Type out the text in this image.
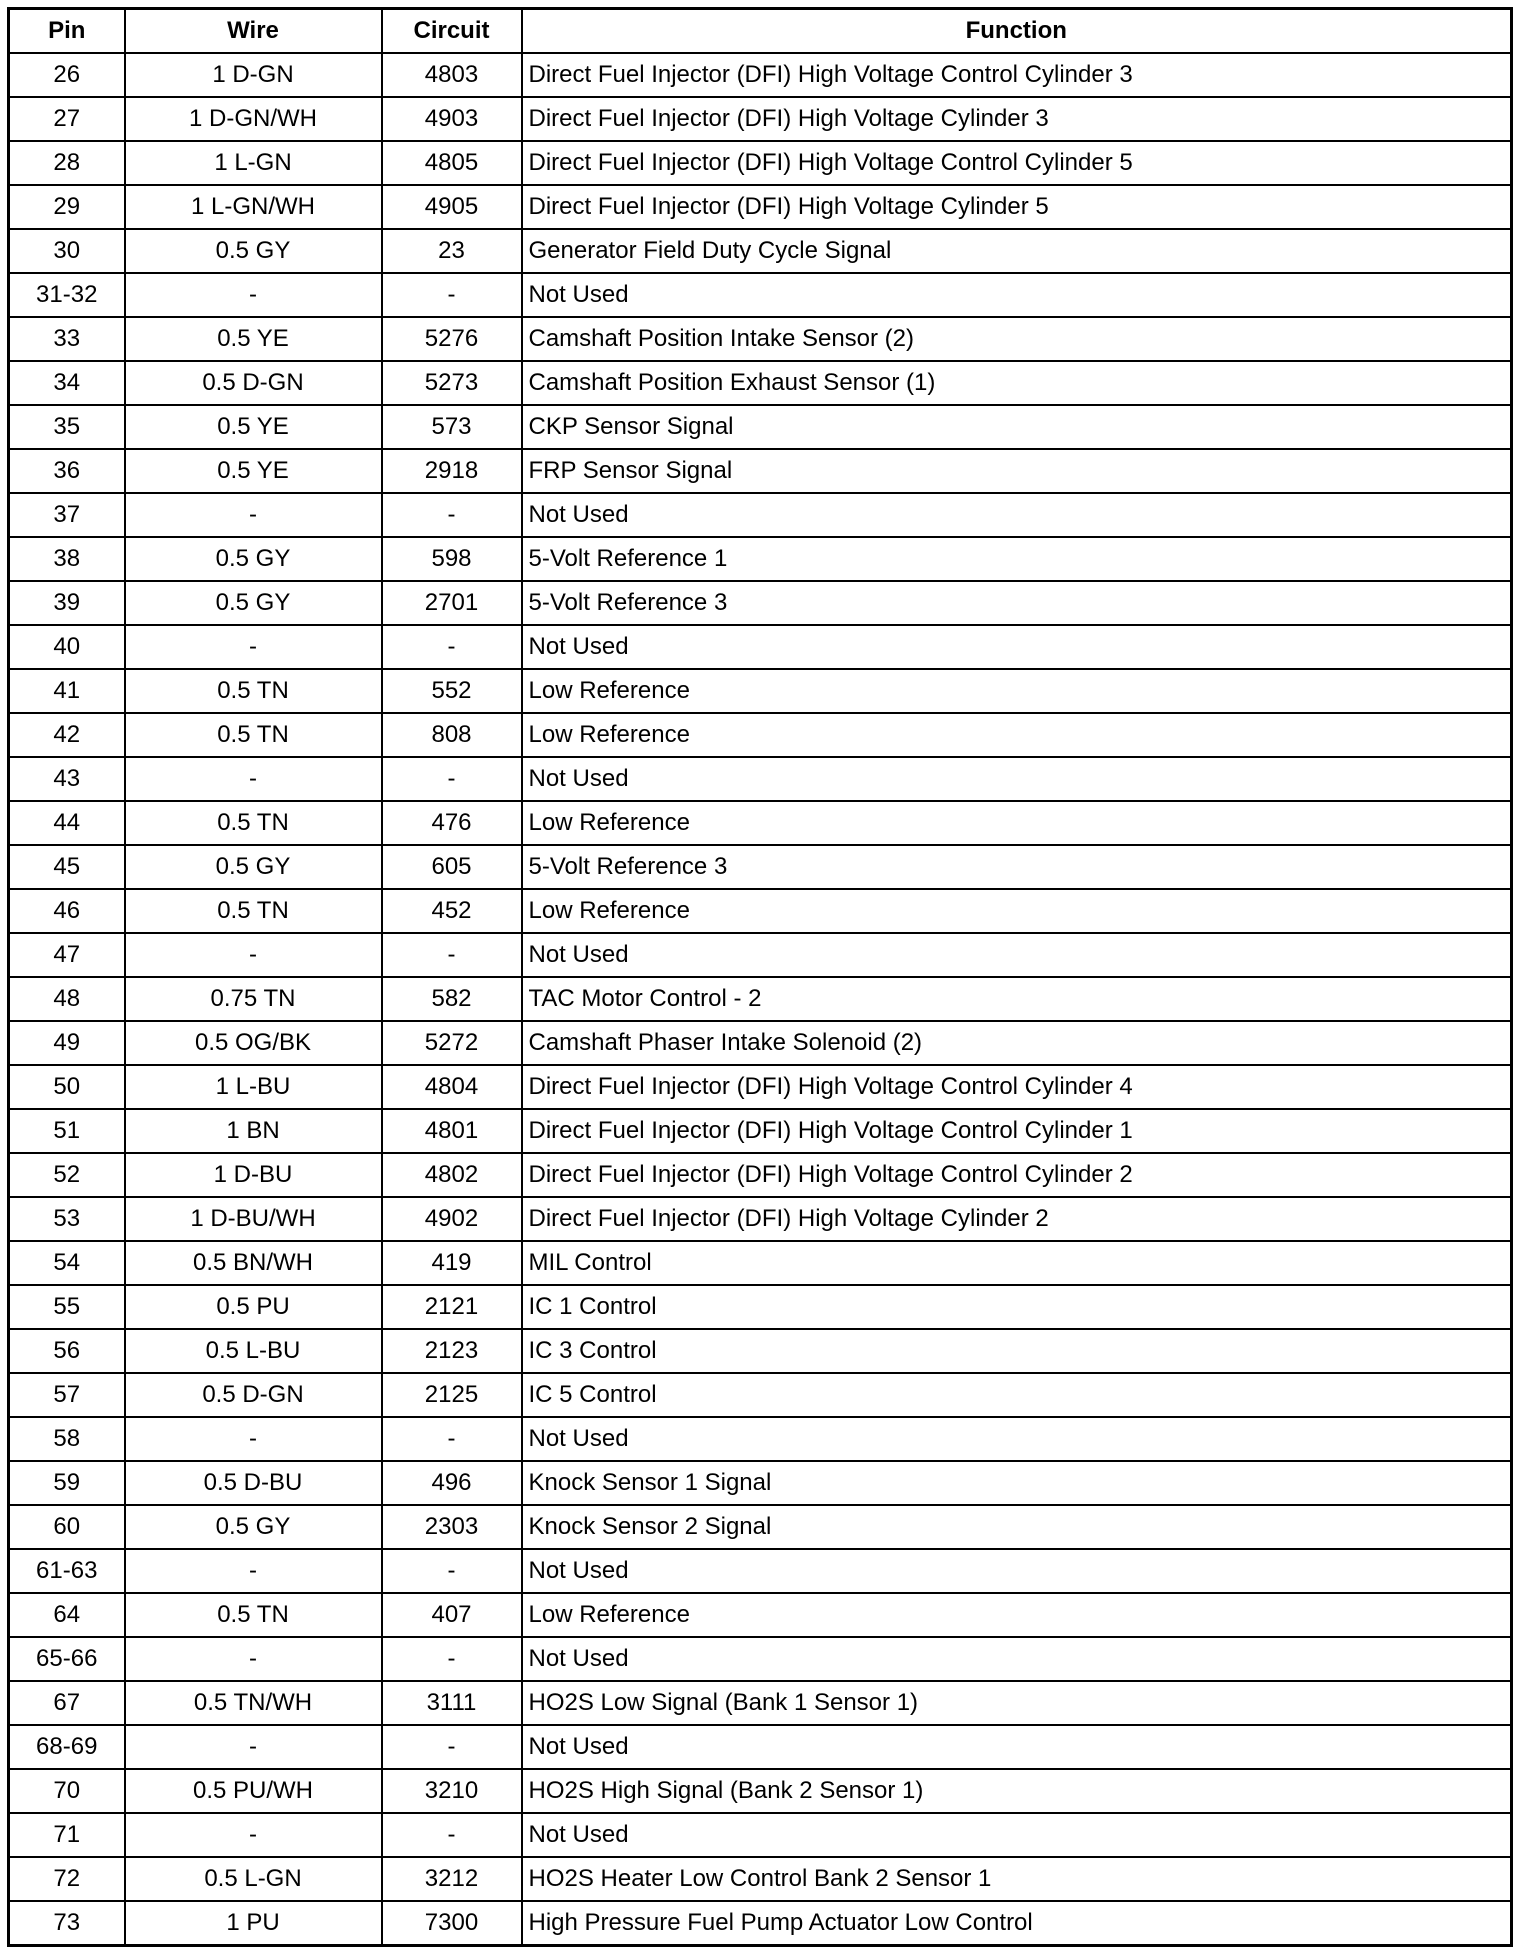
Pin	Wire	Circuit	Function
26	1 D-GN	4803	Direct Fuel Injector (DFI) High Voltage Control Cylinder 3
27	1 D-GN/WH	4903	Direct Fuel Injector (DFI) High Voltage Cylinder 3
28	1 L-GN	4805	Direct Fuel Injector (DFI) High Voltage Control Cylinder 5
29	1 L-GN/WH	4905	Direct Fuel Injector (DFI) High Voltage Cylinder 5
30	0.5 GY	23	Generator Field Duty Cycle Signal
31-32	-	-	Not Used
33	0.5 YE	5276	Camshaft Position Intake Sensor (2)
34	0.5 D-GN	5273	Camshaft Position Exhaust Sensor (1)
35	0.5 YE	573	CKP Sensor Signal
36	0.5 YE	2918	FRP Sensor Signal
37	-	-	Not Used
38	0.5 GY	598	5-Volt Reference 1
39	0.5 GY	2701	5-Volt Reference 3
40	-	-	Not Used
41	0.5 TN	552	Low Reference
42	0.5 TN	808	Low Reference
43	-	-	Not Used
44	0.5 TN	476	Low Reference
45	0.5 GY	605	5-Volt Reference 3
46	0.5 TN	452	Low Reference
47	-	-	Not Used
48	0.75 TN	582	TAC Motor Control - 2
49	0.5 OG/BK	5272	Camshaft Phaser Intake Solenoid (2)
50	1 L-BU	4804	Direct Fuel Injector (DFI) High Voltage Control Cylinder 4
51	1 BN	4801	Direct Fuel Injector (DFI) High Voltage Control Cylinder 1
52	1 D-BU	4802	Direct Fuel Injector (DFI) High Voltage Control Cylinder 2
53	1 D-BU/WH	4902	Direct Fuel Injector (DFI) High Voltage Cylinder 2
54	0.5 BN/WH	419	MIL Control
55	0.5 PU	2121	IC 1 Control
56	0.5 L-BU	2123	IC 3 Control
57	0.5 D-GN	2125	IC 5 Control
58	-	-	Not Used
59	0.5 D-BU	496	Knock Sensor 1 Signal
60	0.5 GY	2303	Knock Sensor 2 Signal
61-63	-	-	Not Used
64	0.5 TN	407	Low Reference
65-66	-	-	Not Used
67	0.5 TN/WH	3111	HO2S Low Signal (Bank 1 Sensor 1)
68-69	-	-	Not Used
70	0.5 PU/WH	3210	HO2S High Signal (Bank 2 Sensor 1)
71	-	-	Not Used
72	0.5 L-GN	3212	HO2S Heater Low Control Bank 2 Sensor 1
73	1 PU	7300	High Pressure Fuel Pump Actuator Low Control
